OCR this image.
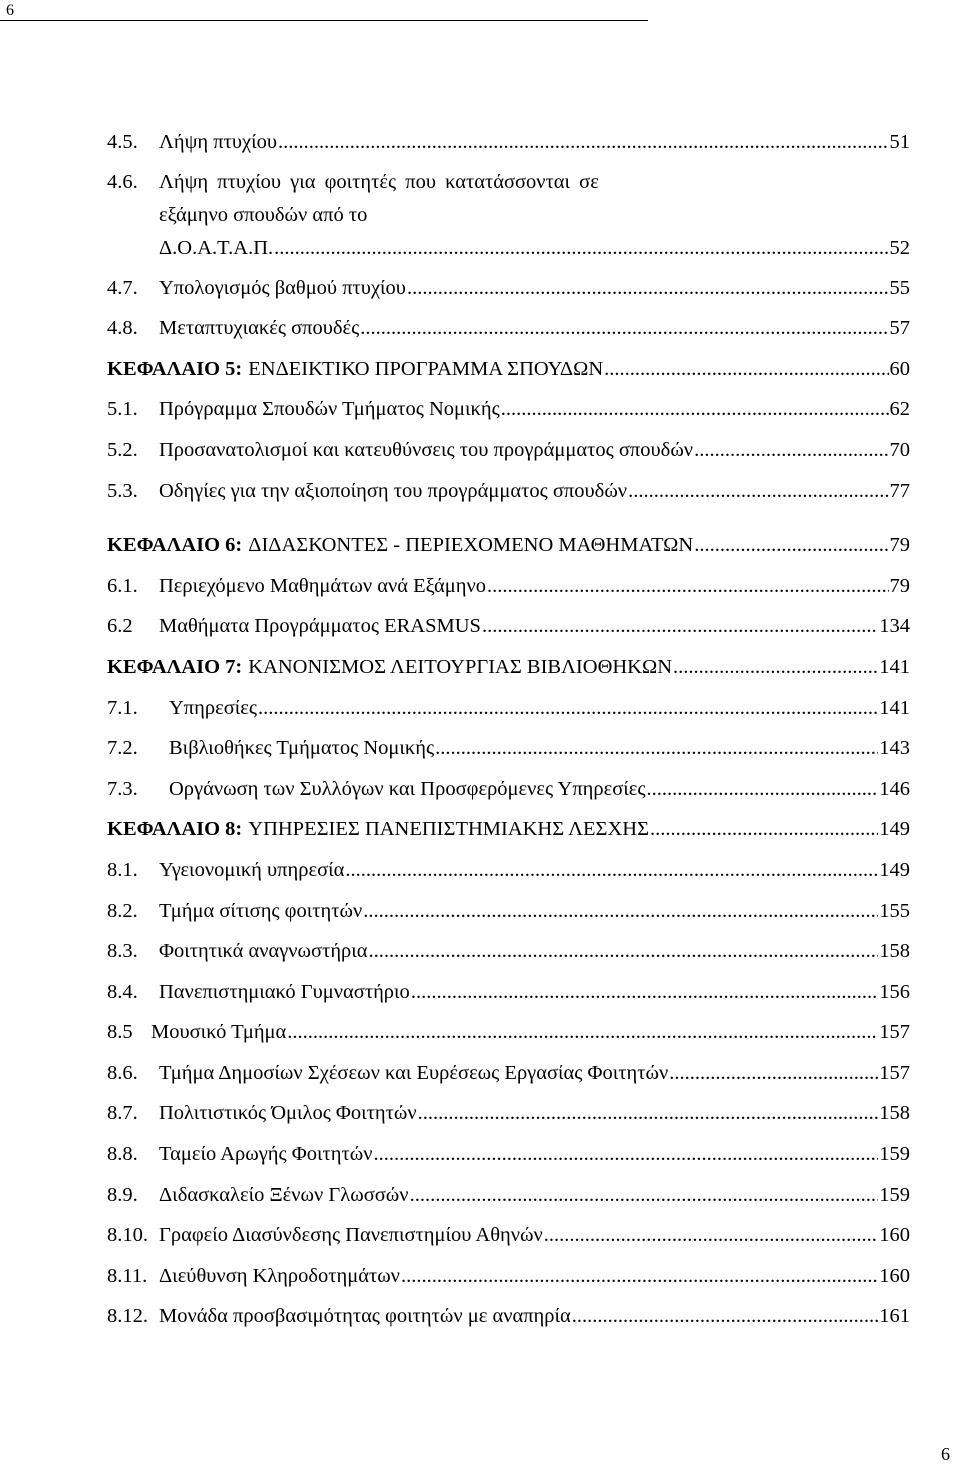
6
4.5.	Λήψη πτυχίου .....	51
4.6.	Λήψη πτυχίου για φοιτητές που κατατάσσονται σε
εξάμηνο σπουδών από το
Δ.Ο.Α.Τ.Α.Π. .....	52
4.7.	Υπολογισμός βαθμού πτυχίου .....	55
4.8.	Μεταπτυχιακές σπουδές .....	57
ΚΕΦΑΛΑΙΟ 5: ΕΝΔΕΙΚΤΙΚΟ ΠΡΟΓΡΑΜΜΑ ΣΠΟΥΔΩΝ .....	60
5.1.	Πρόγραμμα Σπουδών Τμήματος Νομικής .....	62
5.2.	Προσανατολισμοί και κατευθύνσεις του προγράμματος σπουδών .....	70
5.3.	Οδηγίες για την αξιοποίηση του προγράμματος σπουδών .....	77
ΚΕΦΑΛΑΙΟ 6: ΔΙΔΑΣΚΟΝΤΕΣ - ΠΕΡΙΕΧΟΜΕΝΟ ΜΑΘΗΜΑΤΩΝ .....	79
6.1.	Περιεχόμενο Μαθημάτων ανά Εξάμηνο .....	79
6.2	Μαθήματα Προγράμματος ERASMUS .....	134
ΚΕΦΑΛΑΙΟ 7: ΚΑΝΟΝΙΣΜΟΣ ΛΕΙΤΟΥΡΓΙΑΣ ΒΙΒΛΙΟΘΗΚΩΝ .....	141
7.1.	Υπηρεσίες .....	141
7.2.	Βιβλιοθήκες Τμήματος Νομικής .....	143
7.3.	Οργάνωση των Συλλόγων και Προσφερόμενες Υπηρεσίες .....	146
ΚΕΦΑΛΑΙΟ 8: ΥΠΗΡΕΣΙΕΣ ΠΑΝΕΠΙΣΤΗΜΙΑΚΗΣ ΛΕΣΧΗΣ .....	149
8.1.	Υγειονομική υπηρεσία .....	149
8.2.	Τμήμα σίτισης φοιτητών .....	155
8.3.	Φοιτητικά αναγνωστήρια .....	158
8.4.	Πανεπιστημιακό Γυμναστήριο .....	156
8.5 Μουσικό Τμήμα .....	157
8.6.	Τμήμα Δημοσίων Σχέσεων και Ευρέσεως Εργασίας Φοιτητών .....	157
8.7.	Πολιτιστικός Όμιλος Φοιτητών .....	158
8.8.	Ταμείο Αρωγής Φοιτητών .....	159
8.9.	Διδασκαλείο Ξένων Γλωσσών .....	159
8.10. Γραφείο Διασύνδεσης Πανεπιστημίου Αθηνών .....	160
8.11. Διεύθυνση Κληροδοτημάτων .....	160
8.12. Μονάδα προσβασιμότητας φοιτητών με αναπηρία .....	161
6
